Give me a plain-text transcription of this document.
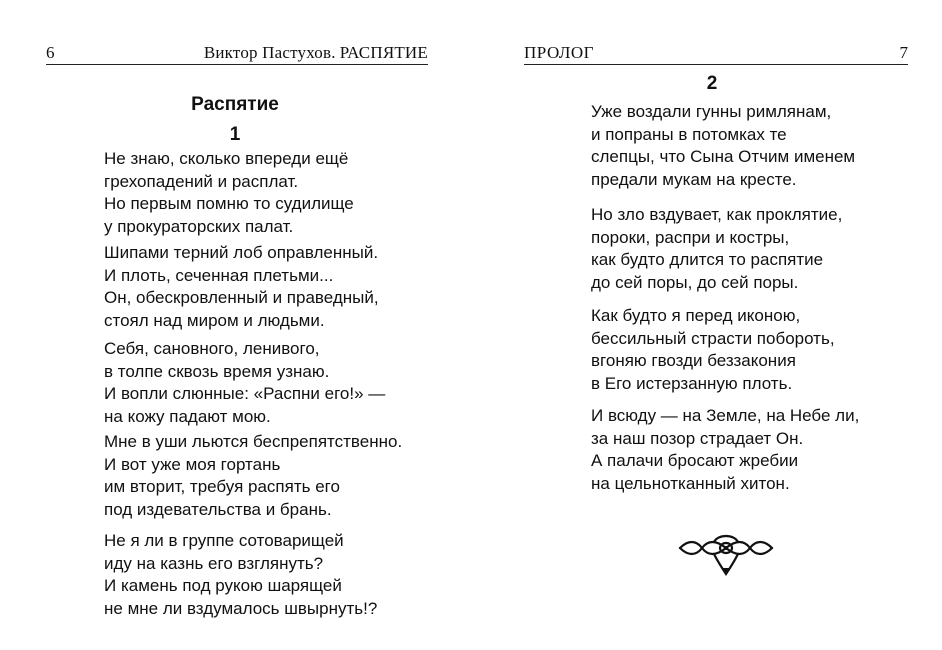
6	Виктор Пастухов. РАСПЯТИЕ
Распятие
1
Не знаю, сколько впереди ещё
грехопадений и расплат.
Но первым помню то судилище
у прокураторских палат.
Шипами терний лоб оправленный.
И плоть, сеченная плетьми...
Он, обескровленный и праведный,
стоял над миром и людьми.
Себя, сановного, ленивого,
в толпе сквозь время узнаю.
И вопли слюнные: «Распни его!» —
на кожу падают мою.
Мне в уши льются беспрепятственно.
И вот уже моя гортань
им вторит, требуя распять его
под издевательства и брань.
Не я ли в группе сотоварищей
иду на казнь его взглянуть?
И камень под рукою шарящей
не мне ли вздумалось швырнуть!?
ПРОЛОГ	7
2
Уже воздали гунны римлянам,
и попраны в потомках те
слепцы, что Сына Отчим именем
предали мукам на кресте.
Но зло вздувает, как проклятие,
пороки, распри и костры,
как будто длится то распятие
до сей поры, до сей поры.
Как будто я перед иконою,
бессильный страсти побороть,
вгоняю гвозди беззакония
в Его истерзанную плоть.
И всюду — на Земле, на Небе ли,
за наш позор страдает Он.
А палачи бросают жребии
на цельнотканный хитон.
